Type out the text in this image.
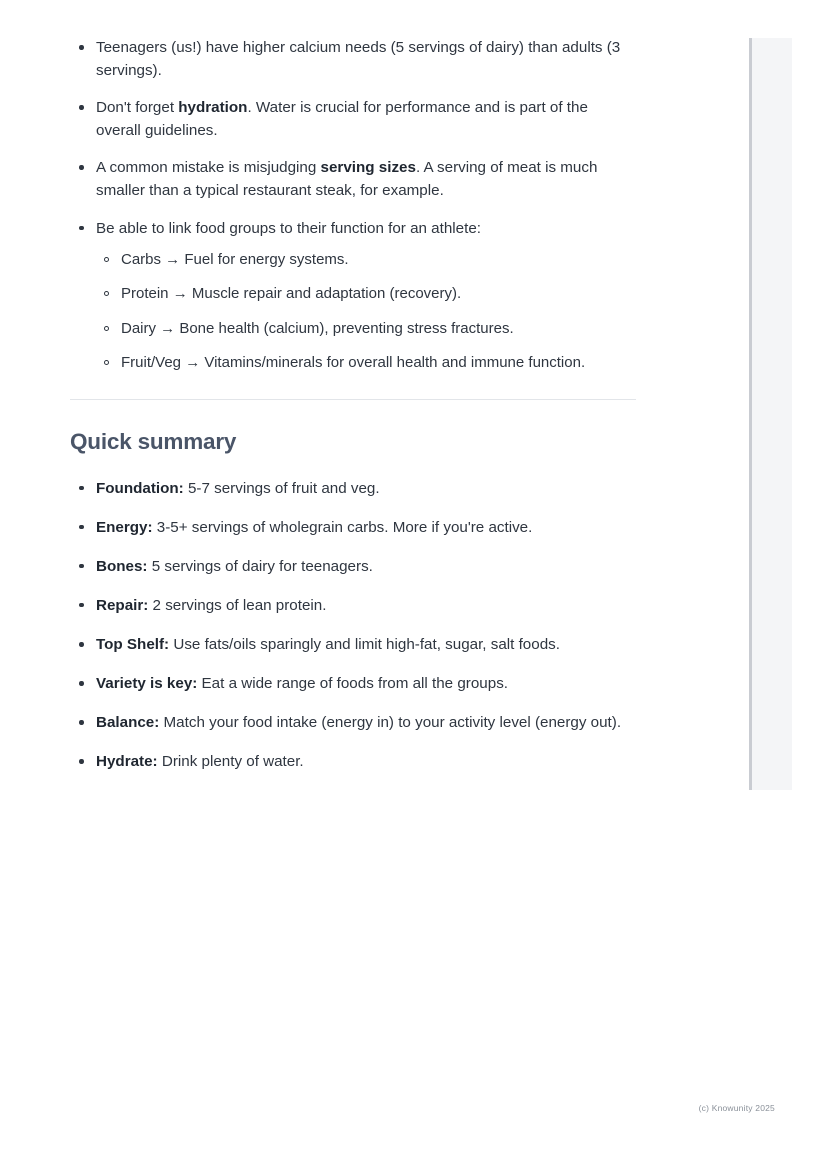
Teenagers (us!) have higher calcium needs (5 servings of dairy) than adults (3 servings).
Don't forget hydration. Water is crucial for performance and is part of the overall guidelines.
A common mistake is misjudging serving sizes. A serving of meat is much smaller than a typical restaurant steak, for example.
Be able to link food groups to their function for an athlete:
Carbs → Fuel for energy systems.
Protein → Muscle repair and adaptation (recovery).
Dairy → Bone health (calcium), preventing stress fractures.
Fruit/Veg → Vitamins/minerals for overall health and immune function.
Quick summary
Foundation: 5-7 servings of fruit and veg.
Energy: 3-5+ servings of wholegrain carbs. More if you're active.
Bones: 5 servings of dairy for teenagers.
Repair: 2 servings of lean protein.
Top Shelf: Use fats/oils sparingly and limit high-fat, sugar, salt foods.
Variety is key: Eat a wide range of foods from all the groups.
Balance: Match your food intake (energy in) to your activity level (energy out).
Hydrate: Drink plenty of water.
(c) Knowunity 2025
